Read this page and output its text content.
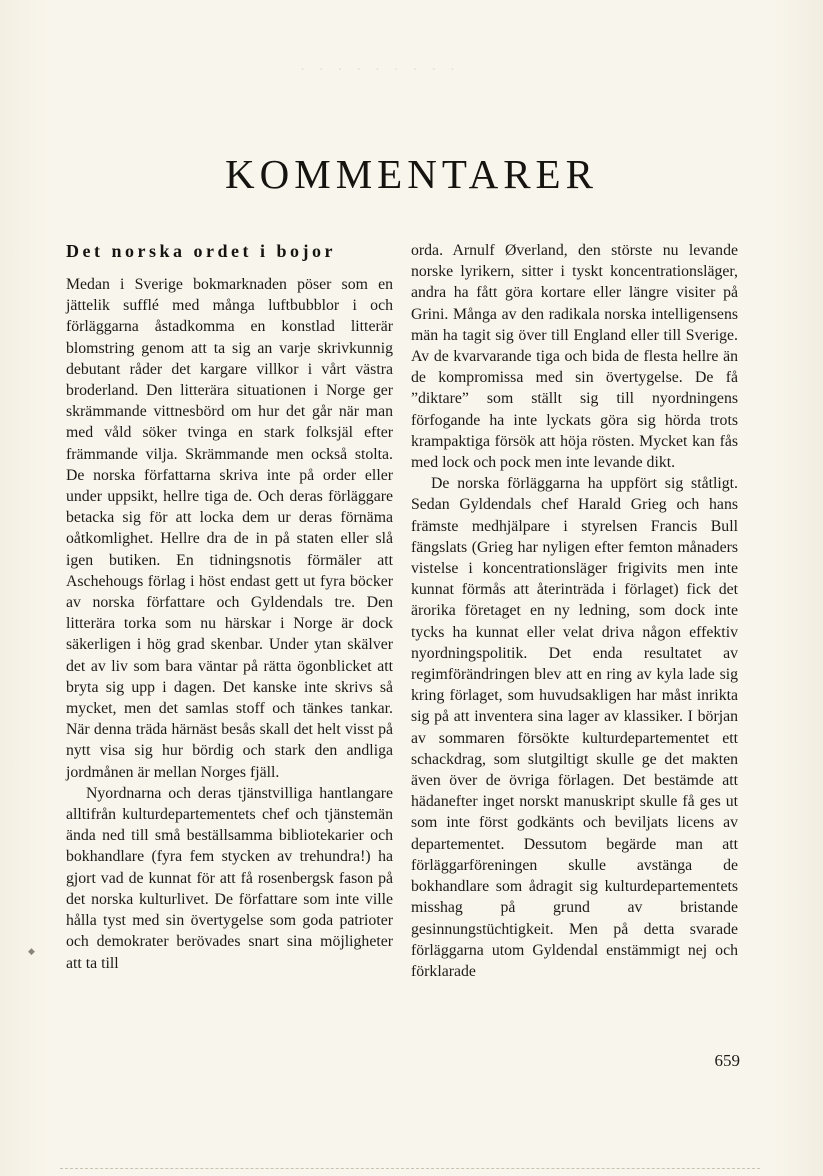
· · · · · · · · ·
KOMMENTARER
Det norska ordet i bojor

Medan i Sverige bokmarknaden pöser som en jättelik sufflé med många luftbubblor i och förläggarna åstadkomma en konstlad litterär blomstring genom att ta sig an varje skrivkunnig debutant råder det kargare villkor i vårt västra broderland. Den litterära situationen i Norge ger skrämmande vittnesbörd om hur det går när man med våld söker tvinga en stark folksjäl efter främmande vilja. Skrämmande men också stolta. De norska författarna skriva inte på order eller under uppsikt, hellre tiga de. Och deras förläggare betacka sig för att locka dem ur deras förnäma oåtkomlighet. Hellre dra de in på staten eller slå igen butiken. En tidningsnotis förmäler att Aschehougs förlag i höst endast gett ut fyra böcker av norska författare och Gyldendals tre. Den litterära torka som nu härskar i Norge är dock säkerligen i hög grad skenbar. Under ytan skälver det av liv som bara väntar på rätta ögonblicket att bryta sig upp i dagen. Det kanske inte skrivs så mycket, men det samlas stoff och tänkes tankar. När denna träda härnäst besås skall det helt visst på nytt visa sig hur bördig och stark den andliga jordmånen är mellan Norges fjäll.

Nyordnarna och deras tjänstvilliga hantlangare alltifrån kulturdepartementets chef och tjänstemän ända ned till små beställsamma bibliotekarier och bokhandlare (fyra fem stycken av trehundra!) ha gjort vad de kunnat för att få rosenbergsk fason på det norska kulturlivet. De författare som inte ville hålla tyst med sin övertygelse som goda patrioter och demokrater berövades snart sina möjligheter att ta till

orda. Arnulf Øverland, den störste nu levande norske lyrikern, sitter i tyskt koncentrationsläger, andra ha fått göra kortare eller längre visiter på Grini. Många av den radikala norska intelligensens män ha tagit sig över till England eller till Sverige. Av de kvarvarande tiga och bida de flesta hellre än de kompromissa med sin övertygelse. De få ”diktare” som ställt sig till nyordningens förfogande ha inte lyckats göra sig hörda trots krampaktiga försök att höja rösten. Mycket kan fås med lock och pock men inte levande dikt.

De norska förläggarna ha uppfört sig ståtligt. Sedan Gyldendals chef Harald Grieg och hans främste medhjälpare i styrelsen Francis Bull fängslats (Grieg har nyligen efter femton månaders vistelse i koncentrationsläger frigivits men inte kunnat förmås att återinträda i förlaget) fick det ärorika företaget en ny ledning, som dock inte tycks ha kunnat eller velat driva någon effektiv nyordningspolitik. Det enda resultatet av regimförändringen blev att en ring av kyla lade sig kring förlaget, som huvudsakligen har måst inrikta sig på att inventera sina lager av klassiker. I början av sommaren försökte kulturdepartementet ett schackdrag, som slutgiltigt skulle ge det makten även över de övriga förlagen. Det bestämde att hädanefter inget norskt manuskript skulle få ges ut som inte först godkänts och beviljats licens av departementet. Dessutom begärde man att förläggarföreningen skulle avstänga de bokhandlare som ådragit sig kulturdepartementets misshag på grund av bristande gesinnungstüchtigkeit. Men på detta svarade förläggarna utom Gyldendal enstämmigt nej och förklarade

◆
659
